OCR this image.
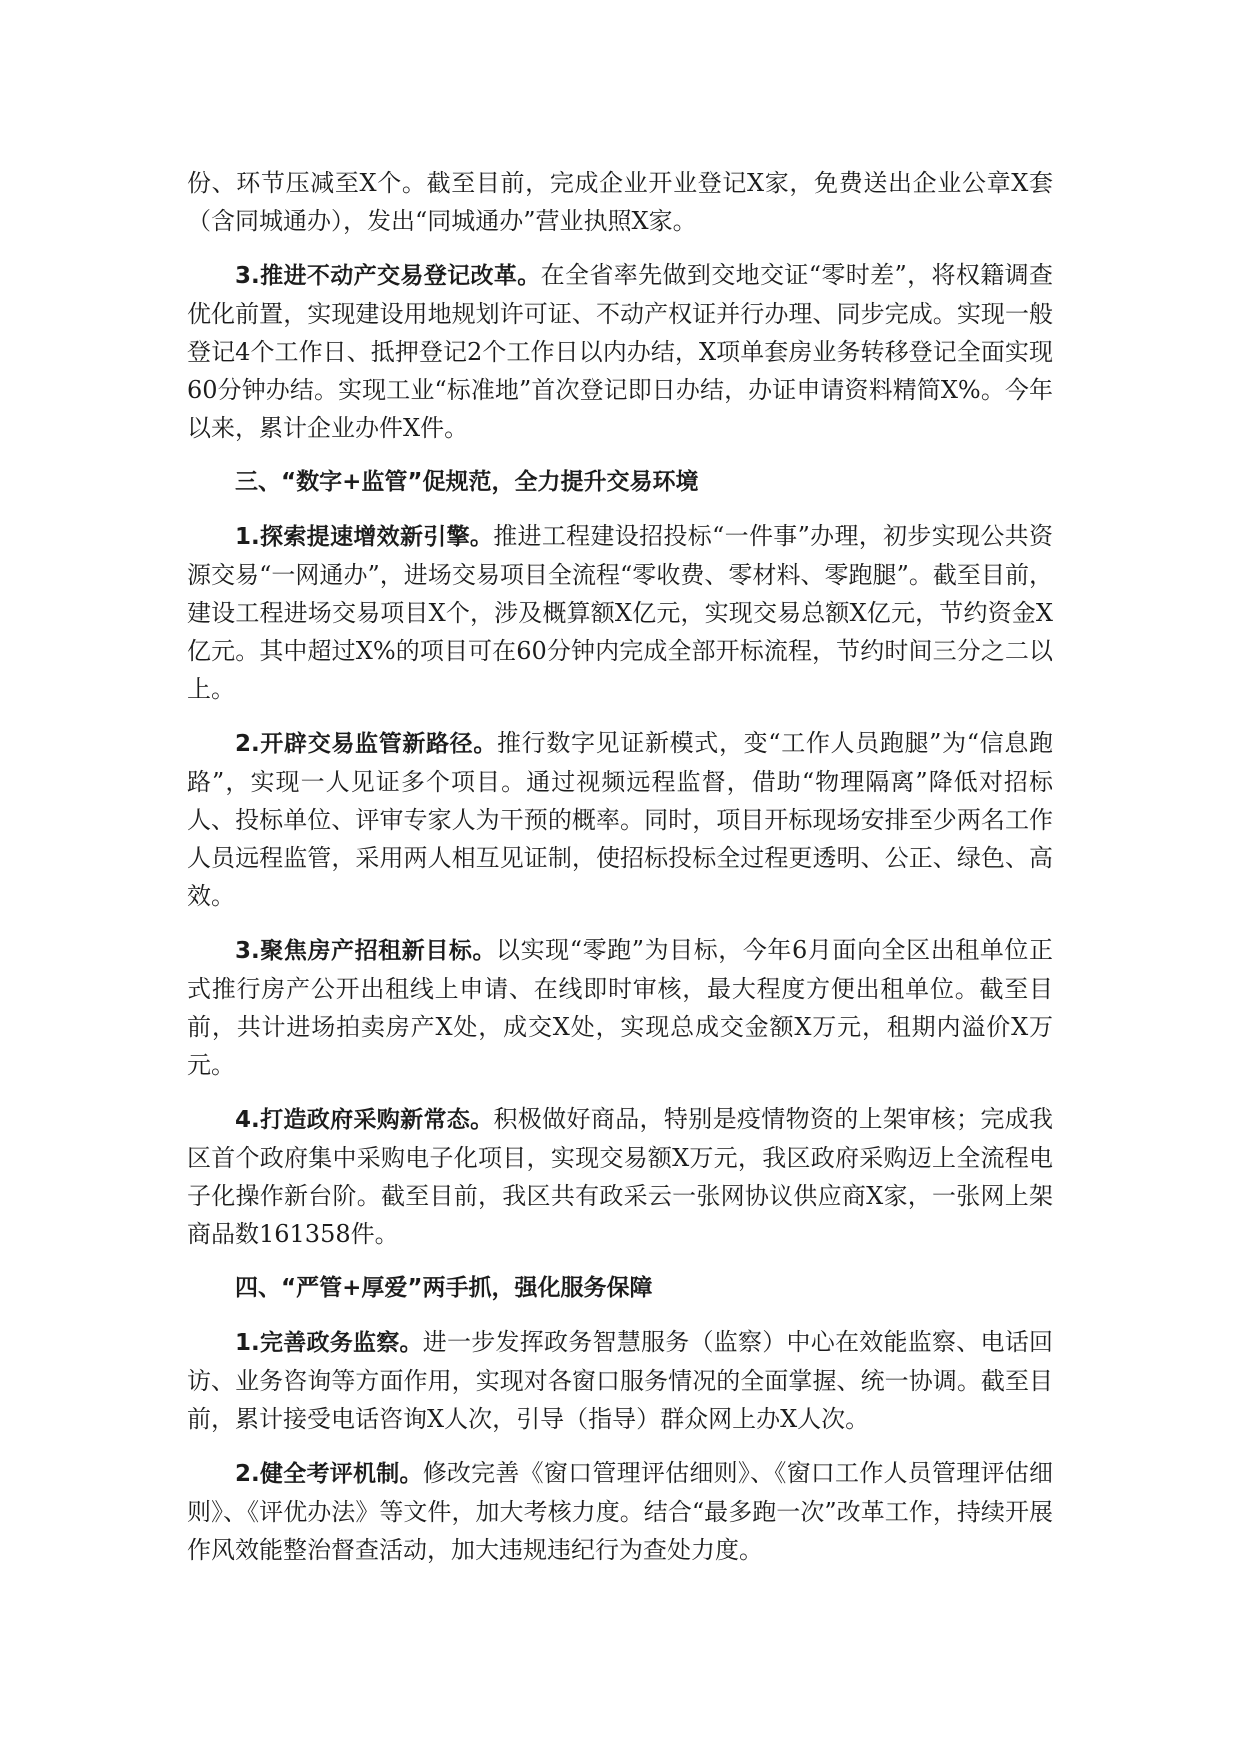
份、环节压减至X个。截至目前，完成企业开业登记X家，免费送出企业公章X套（含同城通办），发出“同城通办”营业执照X家。

3.推进不动产交易登记改革。在全省率先做到交地交证“零时差”，将权籍调查优化前置，实现建设用地规划许可证、不动产权证并行办理、同步完成。实现一般登记4个工作日、抵押登记2个工作日以内办结，X项单套房业务转移登记全面实现60分钟办结。实现工业“标准地”首次登记即日办结，办证申请资料精简X%。今年以来，累计企业办件X件。

三、“数字+监管”促规范，全力提升交易环境

1.探索提速增效新引擎。推进工程建设招投标“一件事”办理，初步实现公共资源交易“一网通办”，进场交易项目全流程“零收费、零材料、零跑腿”。截至目前，建设工程进场交易项目X个，涉及概算额X亿元，实现交易总额X亿元，节约资金X亿元。其中超过X%的项目可在60分钟内完成全部开标流程，节约时间三分之二以上。

2.开辟交易监管新路径。推行数字见证新模式，变“工作人员跑腿”为“信息跑路”，实现一人见证多个项目。通过视频远程监督，借助“物理隔离”降低对招标人、投标单位、评审专家人为干预的概率。同时，项目开标现场安排至少两名工作人员远程监管，采用两人相互见证制，使招标投标全过程更透明、公正、绿色、高效。

3.聚焦房产招租新目标。以实现“零跑”为目标，今年6月面向全区出租单位正式推行房产公开出租线上申请、在线即时审核，最大程度方便出租单位。截至目前，共计进场拍卖房产X处，成交X处，实现总成交金额X万元，租期内溢价X万元。

4.打造政府采购新常态。积极做好商品，特别是疫情物资的上架审核；完成我区首个政府集中采购电子化项目，实现交易额X万元，我区政府采购迈上全流程电子化操作新台阶。截至目前，我区共有政采云一张网协议供应商X家，一张网上架商品数161358件。

四、“严管+厚爱”两手抓，强化服务保障

1.完善政务监察。进一步发挥政务智慧服务（监察）中心在效能监察、电话回访、业务咨询等方面作用，实现对各窗口服务情况的全面掌握、统一协调。截至目前，累计接受电话咨询X人次，引导（指导）群众网上办X人次。

2.健全考评机制。修改完善《窗口管理评估细则》、《窗口工作人员管理评估细则》、《评优办法》等文件，加大考核力度。结合“最多跑一次”改革工作，持续开展作风效能整治督查活动，加大违规违纪行为查处力度。
